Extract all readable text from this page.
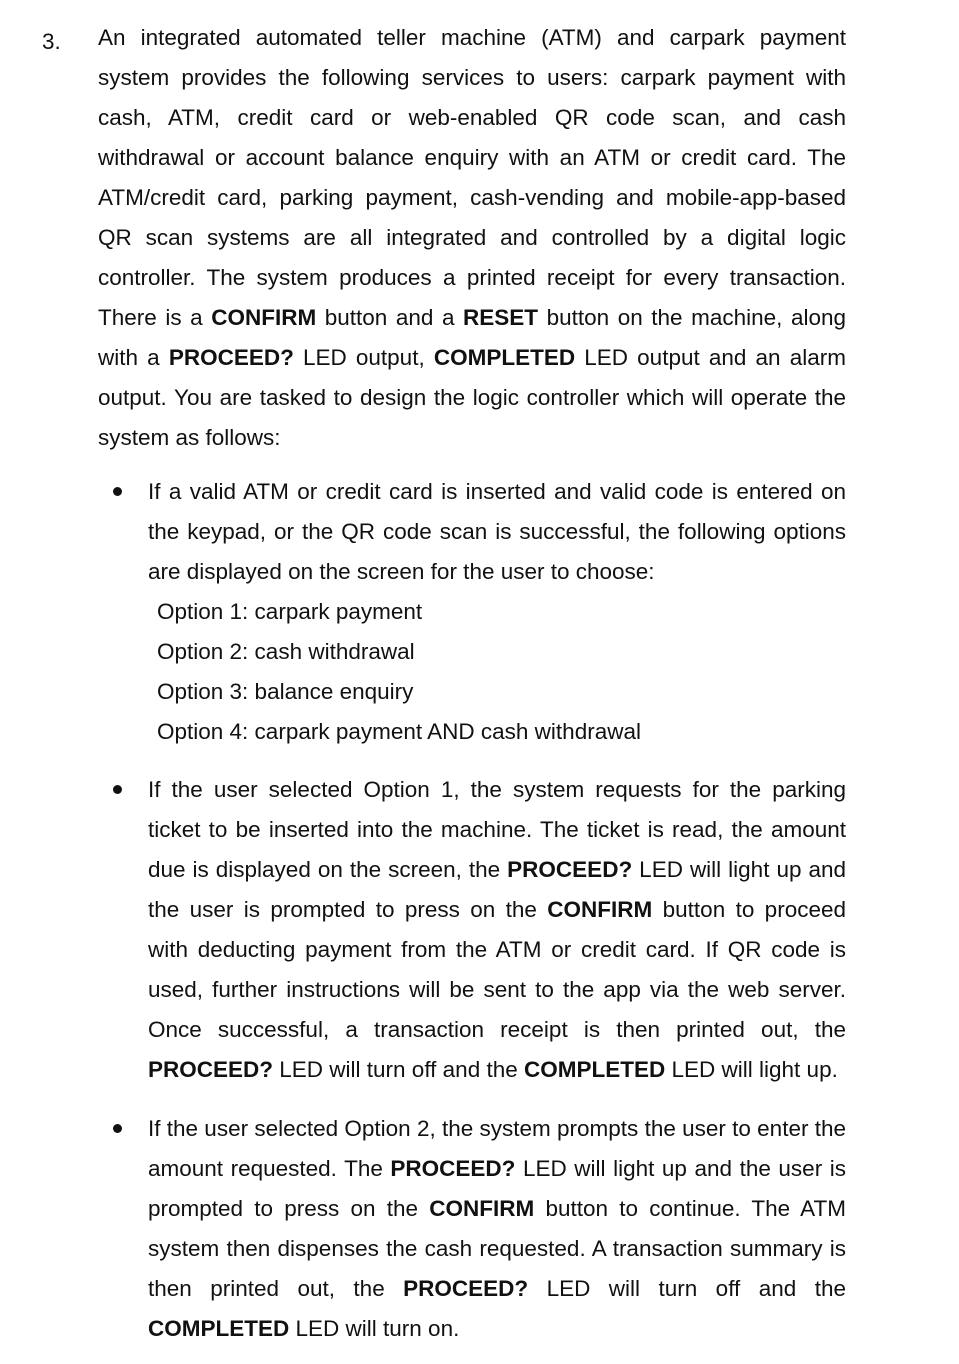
3. An integrated automated teller machine (ATM) and carpark payment system provides the following services to users: carpark payment with cash, ATM, credit card or web-enabled QR code scan, and cash withdrawal or account balance enquiry with an ATM or credit card. The ATM/credit card, parking payment, cash-vending and mobile-app-based QR scan systems are all integrated and controlled by a digital logic controller. The system produces a printed receipt for every transaction. There is a CONFIRM button and a RESET button on the machine, along with a PROCEED? LED output, COMPLETED LED output and an alarm output. You are tasked to design the logic controller which will operate the system as follows:

If a valid ATM or credit card is inserted and valid code is entered on the keypad, or the QR code scan is successful, the following options are displayed on the screen for the user to choose:

Option 1: carpark payment
Option 2: cash withdrawal
Option 3: balance enquiry
Option 4: carpark payment AND cash withdrawal

If the user selected Option 1, the system requests for the parking ticket to be inserted into the machine. The ticket is read, the amount due is displayed on the screen, the PROCEED? LED will light up and the user is prompted to press on the CONFIRM button to proceed with deducting payment from the ATM or credit card. If QR code is used, further instructions will be sent to the app via the web server. Once successful, a transaction receipt is then printed out, the PROCEED? LED will turn off and the COMPLETED LED will light up.

If the user selected Option 2, the system prompts the user to enter the amount requested. The PROCEED? LED will light up and the user is prompted to press on the CONFIRM button to continue. The ATM system then dispenses the cash requested. A transaction summary is then printed out, the PROCEED? LED will turn off and the COMPLETED LED will turn on.
